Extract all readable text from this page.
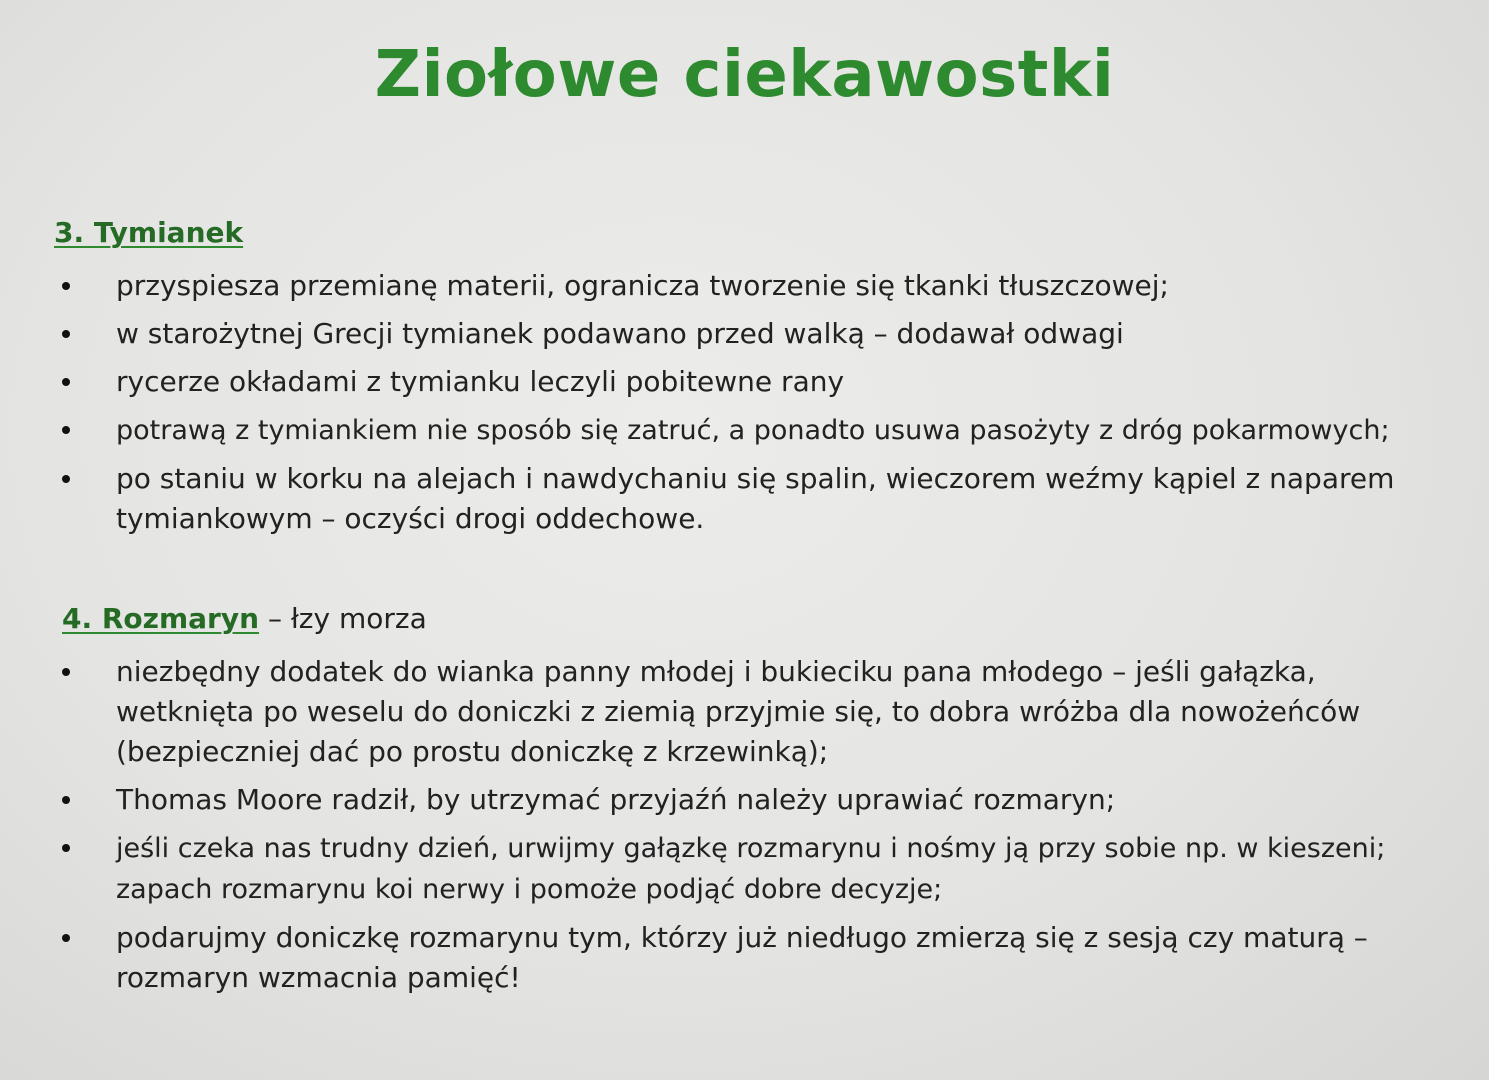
Ziołowe ciekawostki
3. Tymianek
przyspiesza przemianę materii, ogranicza tworzenie się tkanki tłuszczowej;
w starożytnej Grecji tymianek podawano przed walką – dodawał odwagi
rycerze okładami z tymianku leczyli pobitewne rany
potrawą z tymiankiem nie sposób się zatruć, a ponadto usuwa pasożyty z dróg pokarmowych;
po staniu w korku na alejach i nawdychaniu się spalin, wieczorem weźmy kąpiel z naparem tymiankowym – oczyści drogi oddechowe.
4. Rozmaryn – łzy morza
niezbędny dodatek do wianka panny młodej i bukieciku pana młodego – jeśli gałązka, wetknięta po weselu do doniczki z ziemią przyjmie się, to dobra wróżba dla nowożeńców (bezpieczniej dać po prostu doniczkę z krzewinką);
Thomas Moore radził, by utrzymać przyjaźń należy uprawiać rozmaryn;
jeśli czeka nas trudny dzień, urwijmy gałązkę rozmarynu i nośmy ją przy sobie np. w kieszeni; zapach rozmarynu koi nerwy i pomoże podjąć dobre decyzje;
podarujmy doniczkę rozmarynu tym, którzy już niedługo zmierzą się z sesją czy maturą – rozmaryn wzmacnia pamięć!
